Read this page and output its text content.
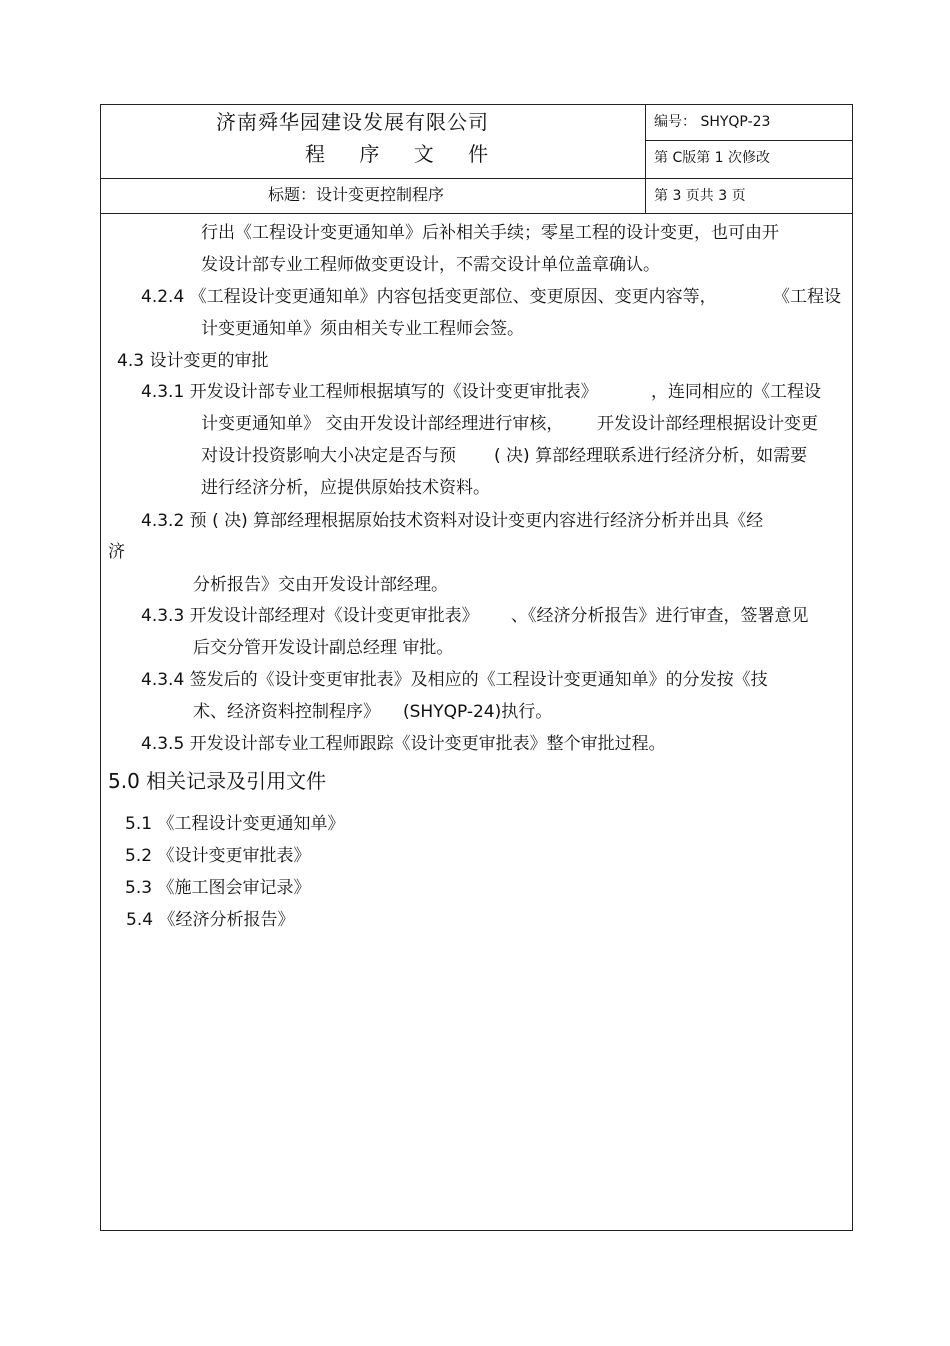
济南舜华园建设发展有限公司
程 序 文 件
编号： SHYQP-23
第 C版第 1 次修改
标题：设计变更控制程序	第 3 页共 3 页
行出《工程设计变更通知单》后补相关手续；零星工程的设计变更，也可由开
发设计部专业工程师做变更设计，不需交设计单位盖章确认。
4.2.4 《工程设计变更通知单》内容包括变更部位、变更原因、变更内容等，	《工程设
计变更通知单》须由相关专业工程师会签。
4.3 设计变更的审批
4.3.1 开发设计部专业工程师根据填写的《设计变更审批表》	，连同相应的《工程设
计变更通知单》 交由开发设计部经理进行审核， 开发设计部经理根据设计变更
对设计投资影响大小决定是否与预 ( 决) 算部经理联系进行经济分析，如需要
进行经济分析，应提供原始技术资料。
4.3.2 预 ( 决) 算部经理根据原始技术资料对设计变更内容进行经济分析并出具《经
济
分析报告》交由开发设计部经理。
4.3.3 开发设计部经理对《设计变更审批表》 、《经济分析报告》进行审查，签署意见
后交分管开发设计副总经理 审批。
4.3.4 签发后的《设计变更审批表》及相应的《工程设计变更通知单》的分发按《技
术、经济资料控制程序》 (SHYQP-24)执行。
4.3.5 开发设计部专业工程师跟踪《设计变更审批表》整个审批过程。
5.0 相关记录及引用文件
5.1 《工程设计变更通知单》
5.2 《设计变更审批表》
5.3 《施工图会审记录》
5.4 《经济分析报告》
